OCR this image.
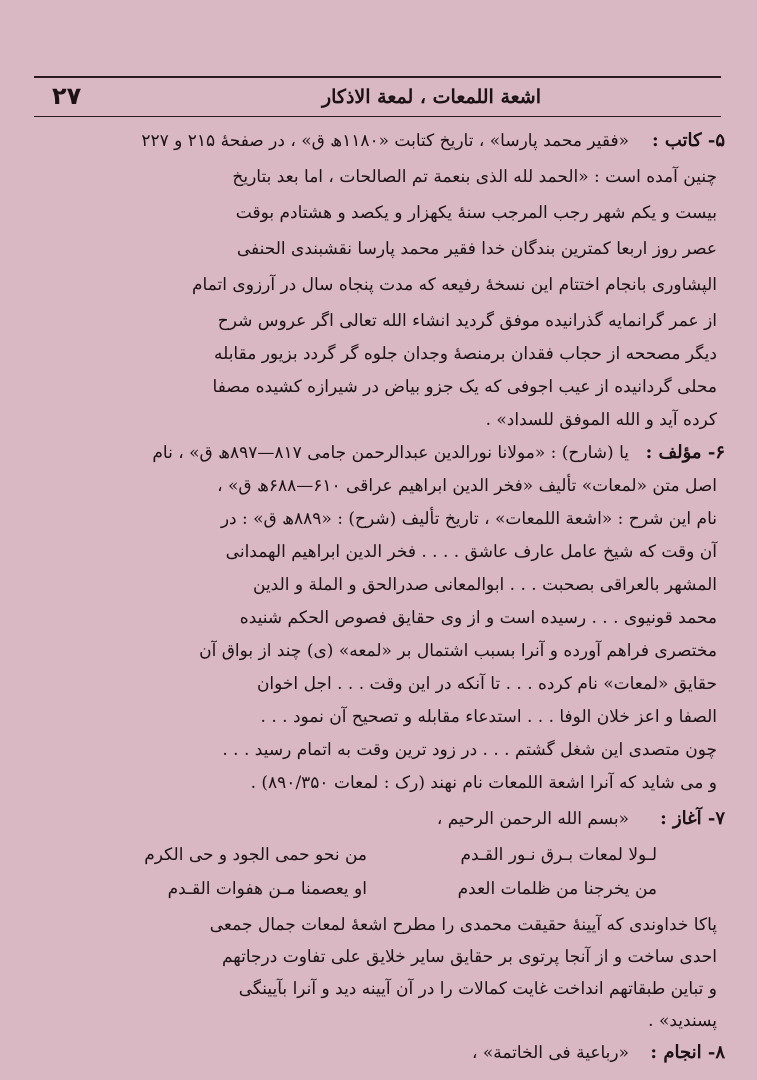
اشعة اللمعات ، لمعة الاذکار
۲۷
۵- کاتب :
«فقیر محمد پارسا» ، تاریخ کتابت «۱۱۸۰ھ ق» ، در صفحۀ ۲۱۵ و ۲۲۷
چنین آمده است : «الحمد لله الذی بنعمة تم الصالحات ، اما بعد بتاریخ
بیست و یکم شهر رجب المرجب سنۀ یکهزار و یکصد و هشتادم بوقت
عصر روز اربعا کمترین بندگان خدا فقیر محمد پارسا نقشبندی الحنفی
الپشاوری بانجام اختتام این نسخۀ رفیعه که مدت پنجاه سال در آرزوی اتمام
از عمر گرانمایه گذرانیده موفق گردید انشاء الله تعالی اگر عروس شرح
دیگر مصححه از حجاب فقدان برمنصۀ وجدان جلوه گر گردد بزیور مقابله
محلی گردانیده از عیب اجوفی که یک جزو بیاض در شیرازه کشیده مصفا
کرده آید و الله الموفق للسداد» .
۶- مؤلف :
یا (شارح) : «مولانا نورالدین عبدالرحمن جامی ۸۱۷—۸۹۷ھ ق» ، نام
اصل متن «لمعات» تألیف «فخر الدین ابراهیم عراقی ۶۱۰—۶۸۸ھ ق» ،
نام این شرح : «اشعة اللمعات» ، تاریخ تألیف (شرح) : «۸۸۹ھ ق» : در
آن وقت که شیخ عامل عارف عاشق . . . . فخر الدین ابراهیم الهمدانی
المشهر بالعراقی بصحبت . . . ابوالمعانی صدرالحق و الملة و الدین
محمد قونیوی . . . رسیده است و از وی حقایق فصوص الحکم شنیده
مختصری فراهم آورده و آنرا بسبب اشتمال بر «لمعه» (ی) چند از بواق آن
حقایق «لمعات» نام کرده . . . تا آنکه در این وقت . . . اجل اخوان
الصفا و اعز خلان الوفا . . . استدعاء مقابله و تصحیح آن نمود . . .
چون متصدی این شغل گشتم . . . در زود ترین وقت به اتمام رسید . . .
و می شاید که آنرا اشعة اللمعات نام نهند (رک : لمعات ۸۹۰/۳۵۰) .
۷- آغاز :
«بسم الله الرحمن الرحیم ،
لـولا لمعات بـرق نـور القـدم
من نحو حمی الجود و حی الکرم
من یخرجنا من ظلمات العدم
او یعصمنا مـن هفوات القـدم
پاکا خداوندی که آیینۀ حقیقت محمدی را مطرح اشعۀ لمعات جمال جمعی
احدی ساخت و از آنجا پرتوی بر حقایق سایر خلایق علی تفاوت درجاتهم
و تباین طبقاتهم انداخت غایت کمالات را در آن آیینه دید و آنرا بآیینگی
پسندید» .
۸- انجام :
«رباعیة فی الخاتمة» ،
